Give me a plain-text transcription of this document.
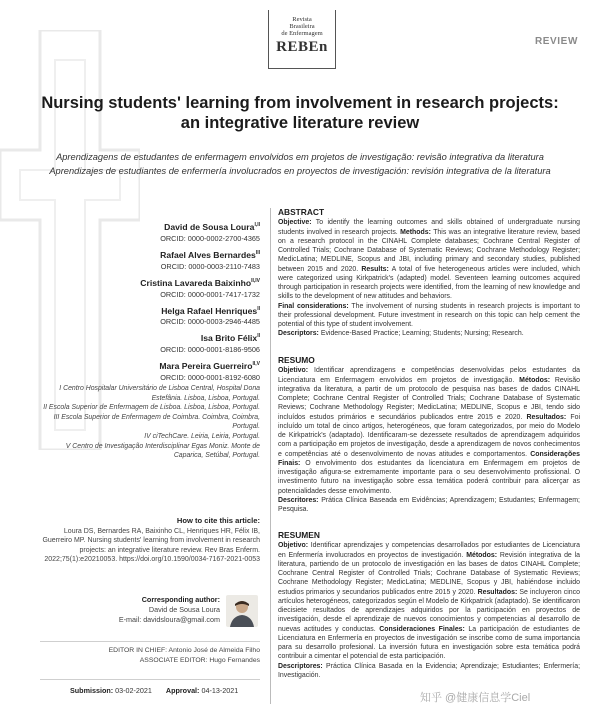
Revista
Brasileira
de Enfermagem
REBEn	REVIEW
Nursing students' learning from involvement in research projects: an integrative literature review
Aprendizagens de estudantes de enfermagem envolvidos em projetos de investigação: revisão integrativa da literatura
Aprendizajes de estudiantes de enfermería involucrados en proyectos de investigación: revisión integrativa de la literatura
David de Sousa Loura$^{I,II}$
ORCID: 0000-0002-2700-4365
Rafael Alves Bernardes$^{III}$
ORCID: 0000-0003-2110-7483
Cristina Lavareda Baixinho$^{II,IV}$
ORCID: 0000-0001-7417-1732
Helga Rafael Henriques$^{II}$
ORCID: 0000-0003-2946-4485
Isa Brito Félix$^{II}$
ORCID: 0000-0001-8186-9506
Mara Pereira Guerreiro$^{II,V}$
ORCID: 0000-0001-8192-6080

I Centro Hospitalar Universitário de Lisboa Central, Hospital Dona Estefânia. Lisboa, Lisboa, Portugal.

II Escola Superior de Enfermagem de Lisboa. Lisboa, Lisboa, Portugal.

III Escola Superior de Enfermagem de Coimbra. Coimbra, Coimbra, Portugal.

IV ciTechCare. Leiria, Leiria, Portugal.

V Centro de Investigação Interdisciplinar Egas Moniz. Monte de Caparica, Setúbal, Portugal.

How to cite this article:
Loura DS, Bernardes RA, Baixinho CL, Henriques HR, Félix IB, Guerreiro MP. Nursing students' learning from involvement in research projects: an integrative literature review. Rev Bras Enferm. 2022;75(1):e20210053. https://doi.org/10.1590/0034-7167-2021-0053
Corresponding author:
David de Sousa Loura
E-mail: davidsloura@gmail.com
EDITOR IN CHIEF: Antonio José de Almeida Filho
ASSOCIATE EDITOR: Hugo Fernandes
Submission: 03-02-2021 Approval: 04-13-2021
ABSTRACT

Objective: To identify the learning outcomes and skills obtained of undergraduate nursing students involved in research projects. Methods: This was an integrative literature review, based on a research protocol in the CINAHL Complete databases; Cochrane Central Register of Controlled Trials; Cochrane Database of Systematic Reviews; Cochrane Methodology Register; MedicLatina; MEDLINE, Scopus and JBI, including primary and secondary studies, published between 2015 and 2020. Results: A total of five heterogeneous articles were included, which were categorized using Kirkpatrick's (adapted) model. Seventeen learning outcomes acquired through participation in research projects were identified, from the learning of new knowledge and skills to the development of new attitudes and behaviors.

Final considerations: The involvement of nursing students in research projects is important to their professional development. Future investment in research on this topic can help cement the potential of this type of student involvement.

Descriptors: Evidence-Based Practice; Learning; Students; Nursing; Research.

RESUMO

Objetivo: Identificar aprendizagens e competências desenvolvidas pelos estudantes da Licenciatura em Enfermagem envolvidos em projetos de investigação. Métodos: Revisão integrativa da literatura, a partir de um protocolo de pesquisa nas bases de dados CINAHL Complete; Cochrane Central Register of Controlled Trials; Cochrane Database of Systematic Reviews; Cochrane Methodology Register; MedicLatina; MEDLINE, Scopus e JBI, tendo sido incluídos estudos primários e secundários publicados entre 2015 e 2020. Resultados: Foi incluído um total de cinco artigos, heterogéneos, que foram categorizados, por meio do Modelo de Kirkpatrick's (adaptado). Identificaram-se dezessete resultados de aprendizagem adquiridos com a participação em projetos de investigação, desde a aprendizagem de novos conhecimentos e competências até o desenvolvimento de novas atitudes e comportamentos. Considerações Finais: O envolvimento dos estudantes da licenciatura em Enfermagem em projetos de investigação afigura-se extremamente importante para o seu desenvolvimento profissional. O investimento futuro na investigação sobre essa temática poderá contribuir para alicerçar as potencialidades desse envolvimento.

Descritores: Prática Clínica Baseada em Evidências; Aprendizagem; Estudantes; Enfermagem; Pesquisa.

RESUMEN

Objetivo: Identificar aprendizajes y competencias desarrollados por estudiantes de Licenciatura en Enfermería involucrados en proyectos de investigación. Métodos: Revisión integrativa de la literatura, partiendo de un protocolo de investigación en las bases de datos CINAHL Complete; Cochrane Central Register of Controlled Trials; Cochrane Database of Systematic Reviews; Cochrane Methodology Register; MedicLatina; MEDLINE, Scopus y JBI, habiéndose incluido estudios primarios y secundarios publicados entre 2015 y 2020. Resultados: Se incluyeron cinco artículos heterogéneos, categorizados según el Modelo de Kirkpatrick (adaptado). Se identificaron diecisiete resultados de aprendizajes adquiridos por la participación en proyectos de investigación, desde el aprendizaje de nuevos conocimientos y competencias al desarrollo de nuevas actitudes y conductas. Consideraciones Finales: La participación de estudiantes de Licenciatura en Enfermería en proyectos de investigación se inscribe como de suma importancia para su desarrollo profesional. La inversión futura en investigación sobre esta temática podrá contribuir a cimentar el potencial de esta participación.

Descriptores: Práctica Clínica Basada en la Evidencia; Aprendizaje; Estudiantes; Enfermería; Investigación.

知乎 @健康信息学Ciel
